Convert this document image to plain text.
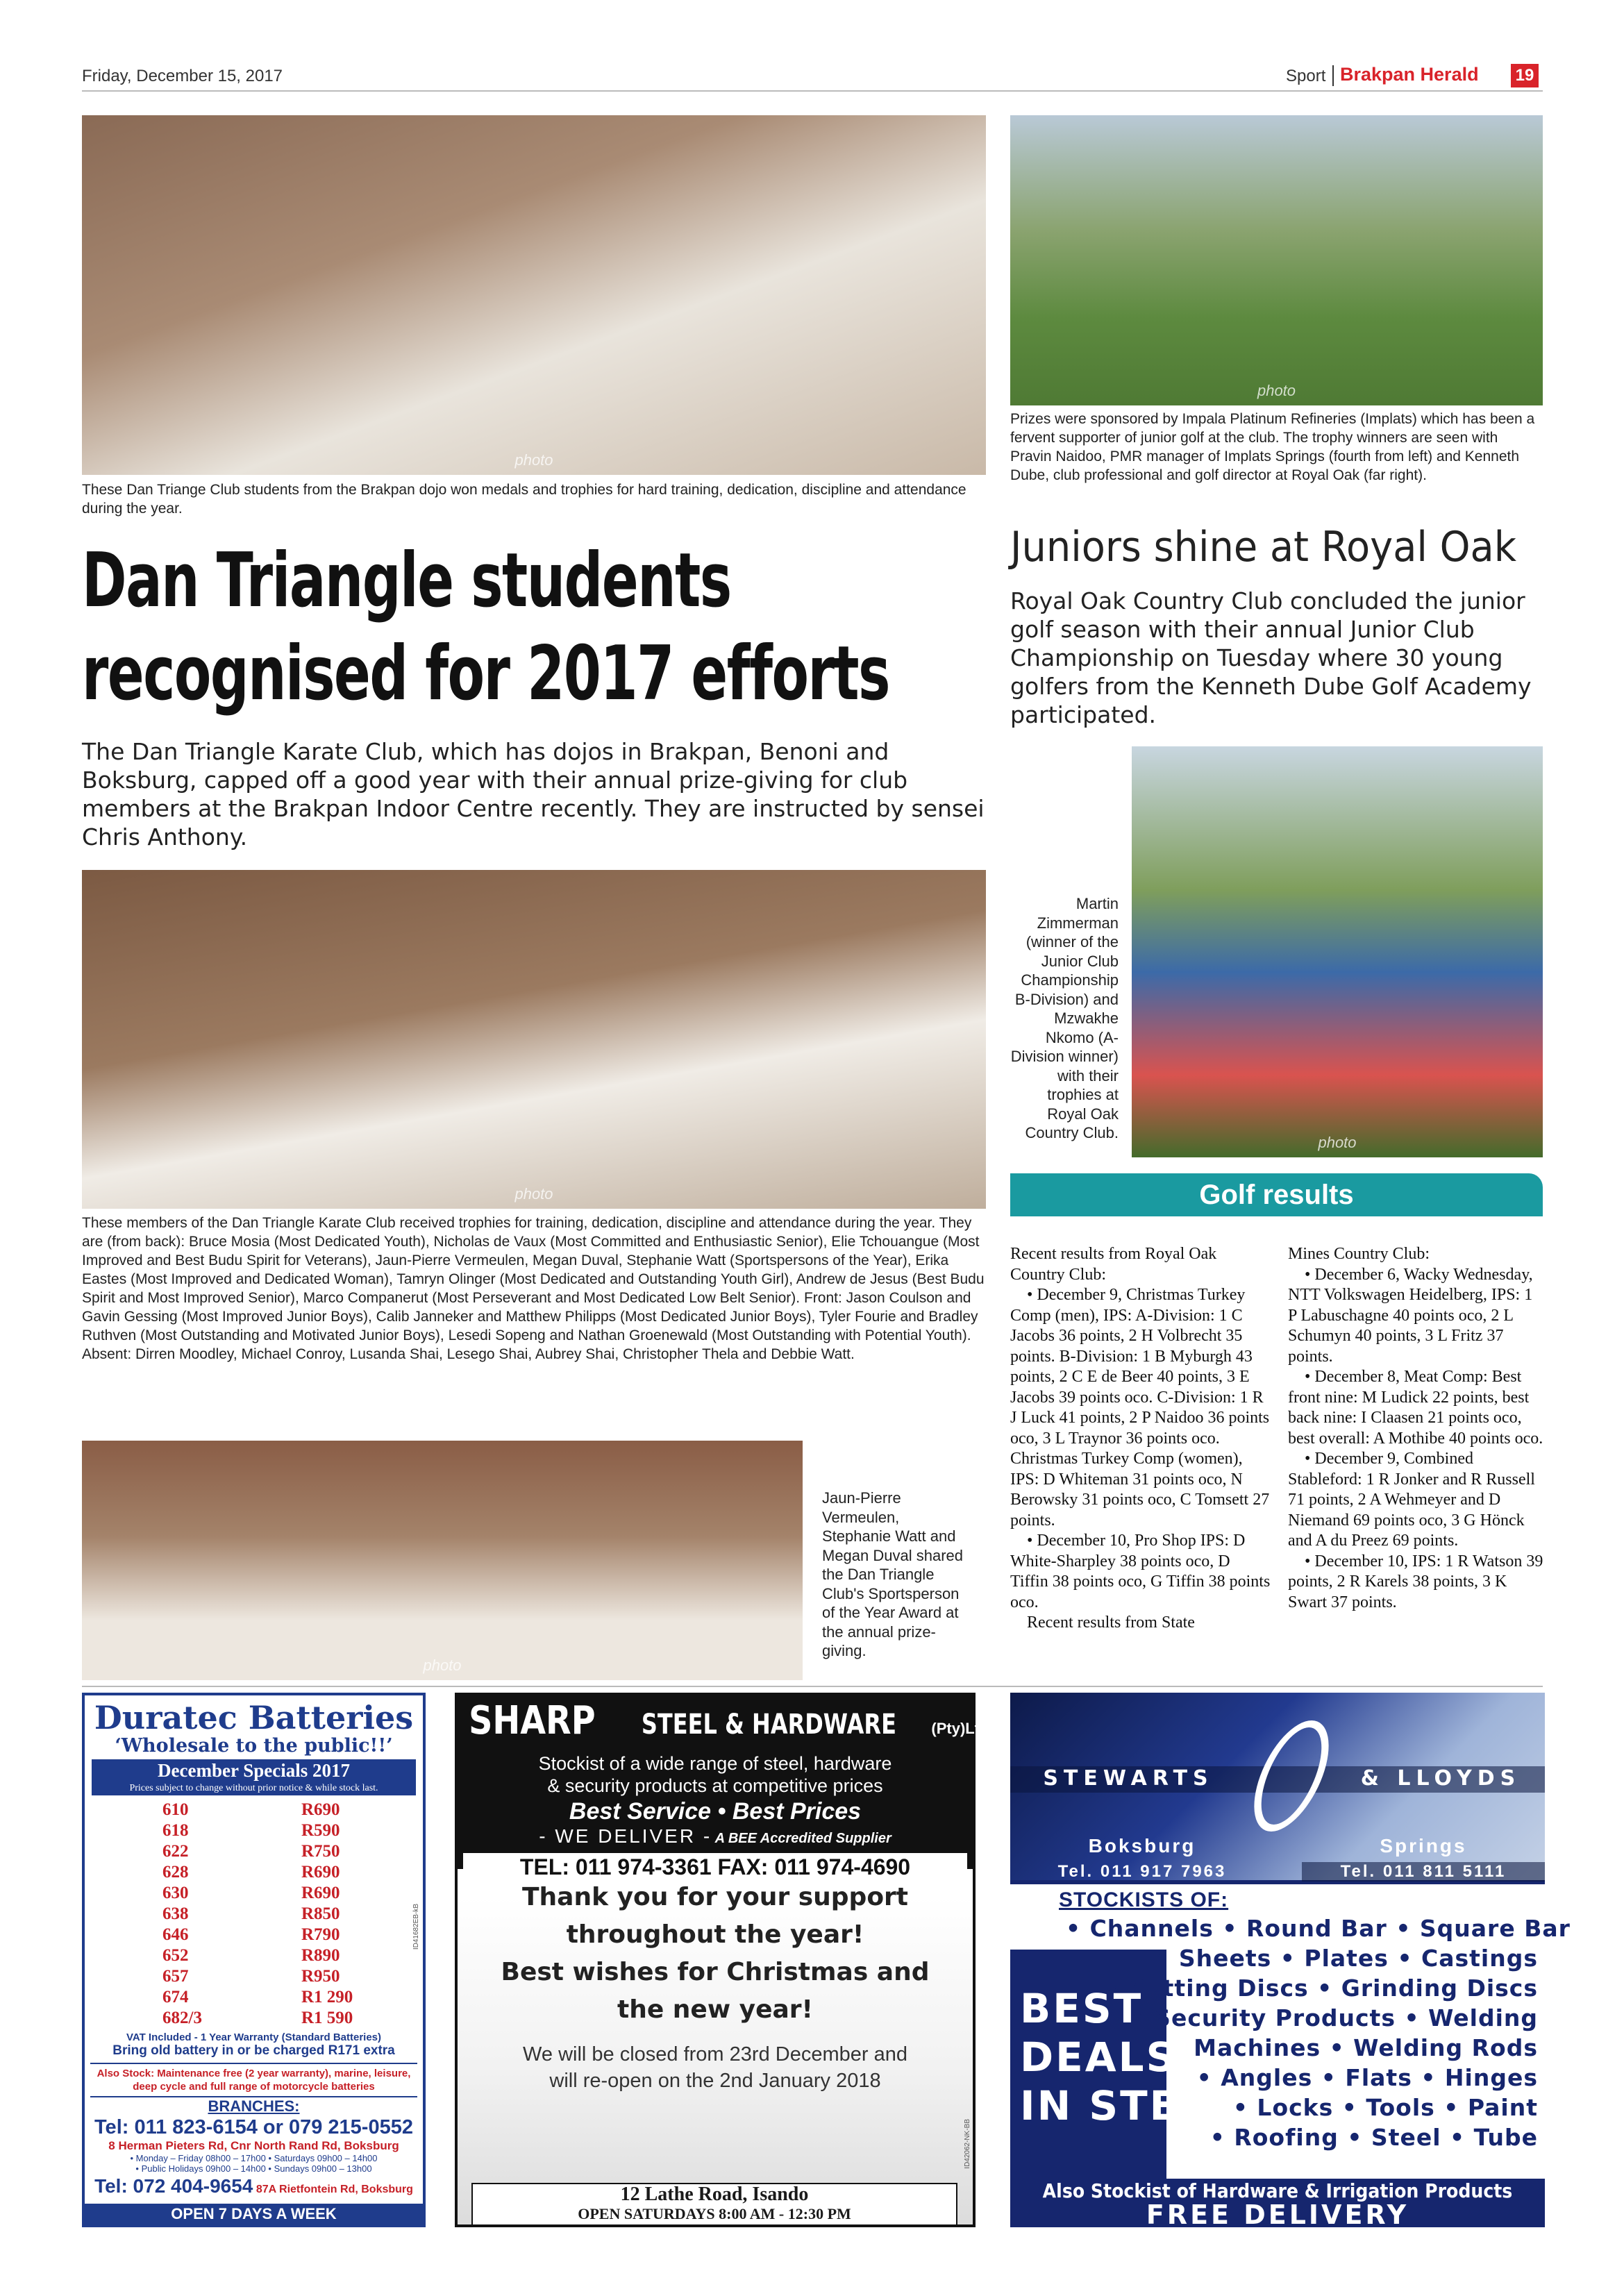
Friday, December 15, 2017	Sport Brakpan Herald 19
photo
These Dan Triange Club students from the Brakpan dojo won medals and trophies for hard training, dedication, discipline and attendance during the year.
Dan Triangle students
recognised for 2017 efforts
The Dan Triangle Karate Club, which has dojos in Brakpan, Benoni and Boksburg, capped off a good year with their annual prize-giving for club members at the Brakpan Indoor Centre recently. They are instructed by sensei Chris Anthony.
photo
These members of the Dan Triangle Karate Club received trophies for training, dedication, discipline and attendance during the year. They are (from back): Bruce Mosia (Most Dedicated Youth), Nicholas de Vaux (Most Committed and Enthusiastic Senior), Elie Tchouangue (Most Improved and Best Budu Spirit for Veterans), Jaun-Pierre Vermeulen, Megan Duval, Stephanie Watt (Sportspersons of the Year), Erika Eastes (Most Improved and Dedicated Woman), Tamryn Olinger (Most Dedicated and Outstanding Youth Girl), Andrew de Jesus (Best Budu Spirit and Most Improved Senior), Marco Companerut (Most Perseverant and Most Dedicated Low Belt Senior). Front: Jason Coulson and Gavin Gessing (Most Improved Junior Boys), Calib Janneker and Matthew Philipps (Most Dedicated Junior Boys), Tyler Fourie and Bradley Ruthven (Most Outstanding and Motivated Junior Boys), Lesedi Sopeng and Nathan Groenewald (Most Outstanding with Potential Youth). Absent: Dirren Moodley, Michael Conroy, Lusanda Shai, Lesego Shai, Aubrey Shai, Christopher Thela and Debbie Watt.
photo
Jaun-Pierre Vermeulen, Stephanie Watt and Megan Duval shared the Dan Triangle Club's Sportsperson of the Year Award at the annual prize-giving.
photo
Prizes were sponsored by Impala Platinum Refineries (Implats) which has been a fervent supporter of junior golf at the club. The trophy winners are seen with Pravin Naidoo, PMR manager of Implats Springs (fourth from left) and Kenneth Dube, club professional and golf director at Royal Oak (far right).
Juniors shine at Royal Oak
Royal Oak Country Club concluded the junior golf season with their annual Junior Club Championship on Tuesday where 30 young golfers from the Kenneth Dube Golf Academy participated.
Martin Zimmerman (winner of the Junior Club Championship B-Division) and Mzwakhe Nkomo (A-Division winner) with their trophies at Royal Oak Country Club.
photo
Golf results
Recent results from Royal Oak Country Club:
• December 9, Christmas Turkey Comp (men), IPS: A-Division: 1 C Jacobs 36 points, 2 H Volbrecht 35 points. B-Division: 1 B Myburgh 43 points, 2 C E de Beer 40 points, 3 E Jacobs 39 points oco. C-Division: 1 R J Luck 41 points, 2 P Naidoo 36 points oco, 3 L Traynor 36 points oco. Christmas Turkey Comp (women), IPS: D Whiteman 31 points oco, N Berowsky 31 points oco, C Tomsett 27 points.
• December 10, Pro Shop IPS: D White-Sharpley 38 points oco, D Tiffin 38 points oco, G Tiffin 38 points oco.
Recent results from State
Mines Country Club:
• December 6, Wacky Wednesday, NTT Volkswagen Heidelberg, IPS: 1 P Labuschagne 40 points oco, 2 L Schumyn 40 points, 3 L Fritz 37 points.
• December 8, Meat Comp: Best front nine: M Ludick 22 points, best back nine: I Claasen 21 points oco, best overall: A Mothibe 40 points oco.
• December 9, Combined Stableford: 1 R Jonker and R Russell 71 points, 2 A Wehmeyer and D Niemand 69 points oco, 3 G Hönck and A du Preez 69 points.
• December 10, IPS: 1 R Watson 39 points, 2 R Karels 38 points, 3 K Swart 37 points.
Duratec Batteries
‘Wholesale to the public!!’
December Specials 2017
Prices subject to change without prior notice & while stock last.
610	R690
618	R590
622	R750
628	R690
630	R690
638	R850
646	R790
652	R890
657	R950
674	R1 290
682/3	R1 590
VAT Included - 1 Year Warranty (Standard Batteries)
Bring old battery in or be charged R171 extra
Also Stock: Maintenance free (2 year warranty), marine, leisure, deep cycle and full range of motorcycle batteries
BRANCHES:
Tel: 011 823-6154 or 079 215-0552
8 Herman Pieters Rd, Cnr North Rand Rd, Boksburg
• Monday – Friday 08h00 – 17h00 • Saturdays 09h00 – 14h00
• Public Holidays 09h00 – 14h00 • Sundays 09h00 – 13h00
Tel: 072 404-9654 87A Rietfontein Rd, Boksburg
OPEN 7 DAYS A WEEK
ID41682EB-kB
SHARP STEEL & HARDWARE (Pty)Ltd.
Stockist of a wide range of steel, hardware
& security products at competitive prices
Best Service • Best Prices
- WE DELIVER - A BEE Accredited Supplier
TEL: 011 974-3361 FAX: 011 974-4690
Thank you for your support
throughout the year!
Best wishes for Christmas and
the new year!
We will be closed from 23rd December and
will re-open on the 2nd January 2018
12 Lathe Road, Isando
OPEN SATURDAYS 8:00 AM - 12:30 PM
ID42062-NK-BB
STEWARTS	& LLOYDS
Boksburg
Tel. 011 917 7963
Springs
Tel. 011 811 5111
STOCKISTS OF:
• Channels • Round Bar • Square Bar
• Sheets • Plates • Castings
• Cutting Discs • Grinding Discs
• Security Products • Welding
Machines • Welding Rods
• Angles • Flats • Hinges
• Locks • Tools • Paint
• Roofing • Steel • Tube
BEST
DEALS
IN STEEL
Also Stockist of Hardware & Irrigation Products
FREE DELIVERY
